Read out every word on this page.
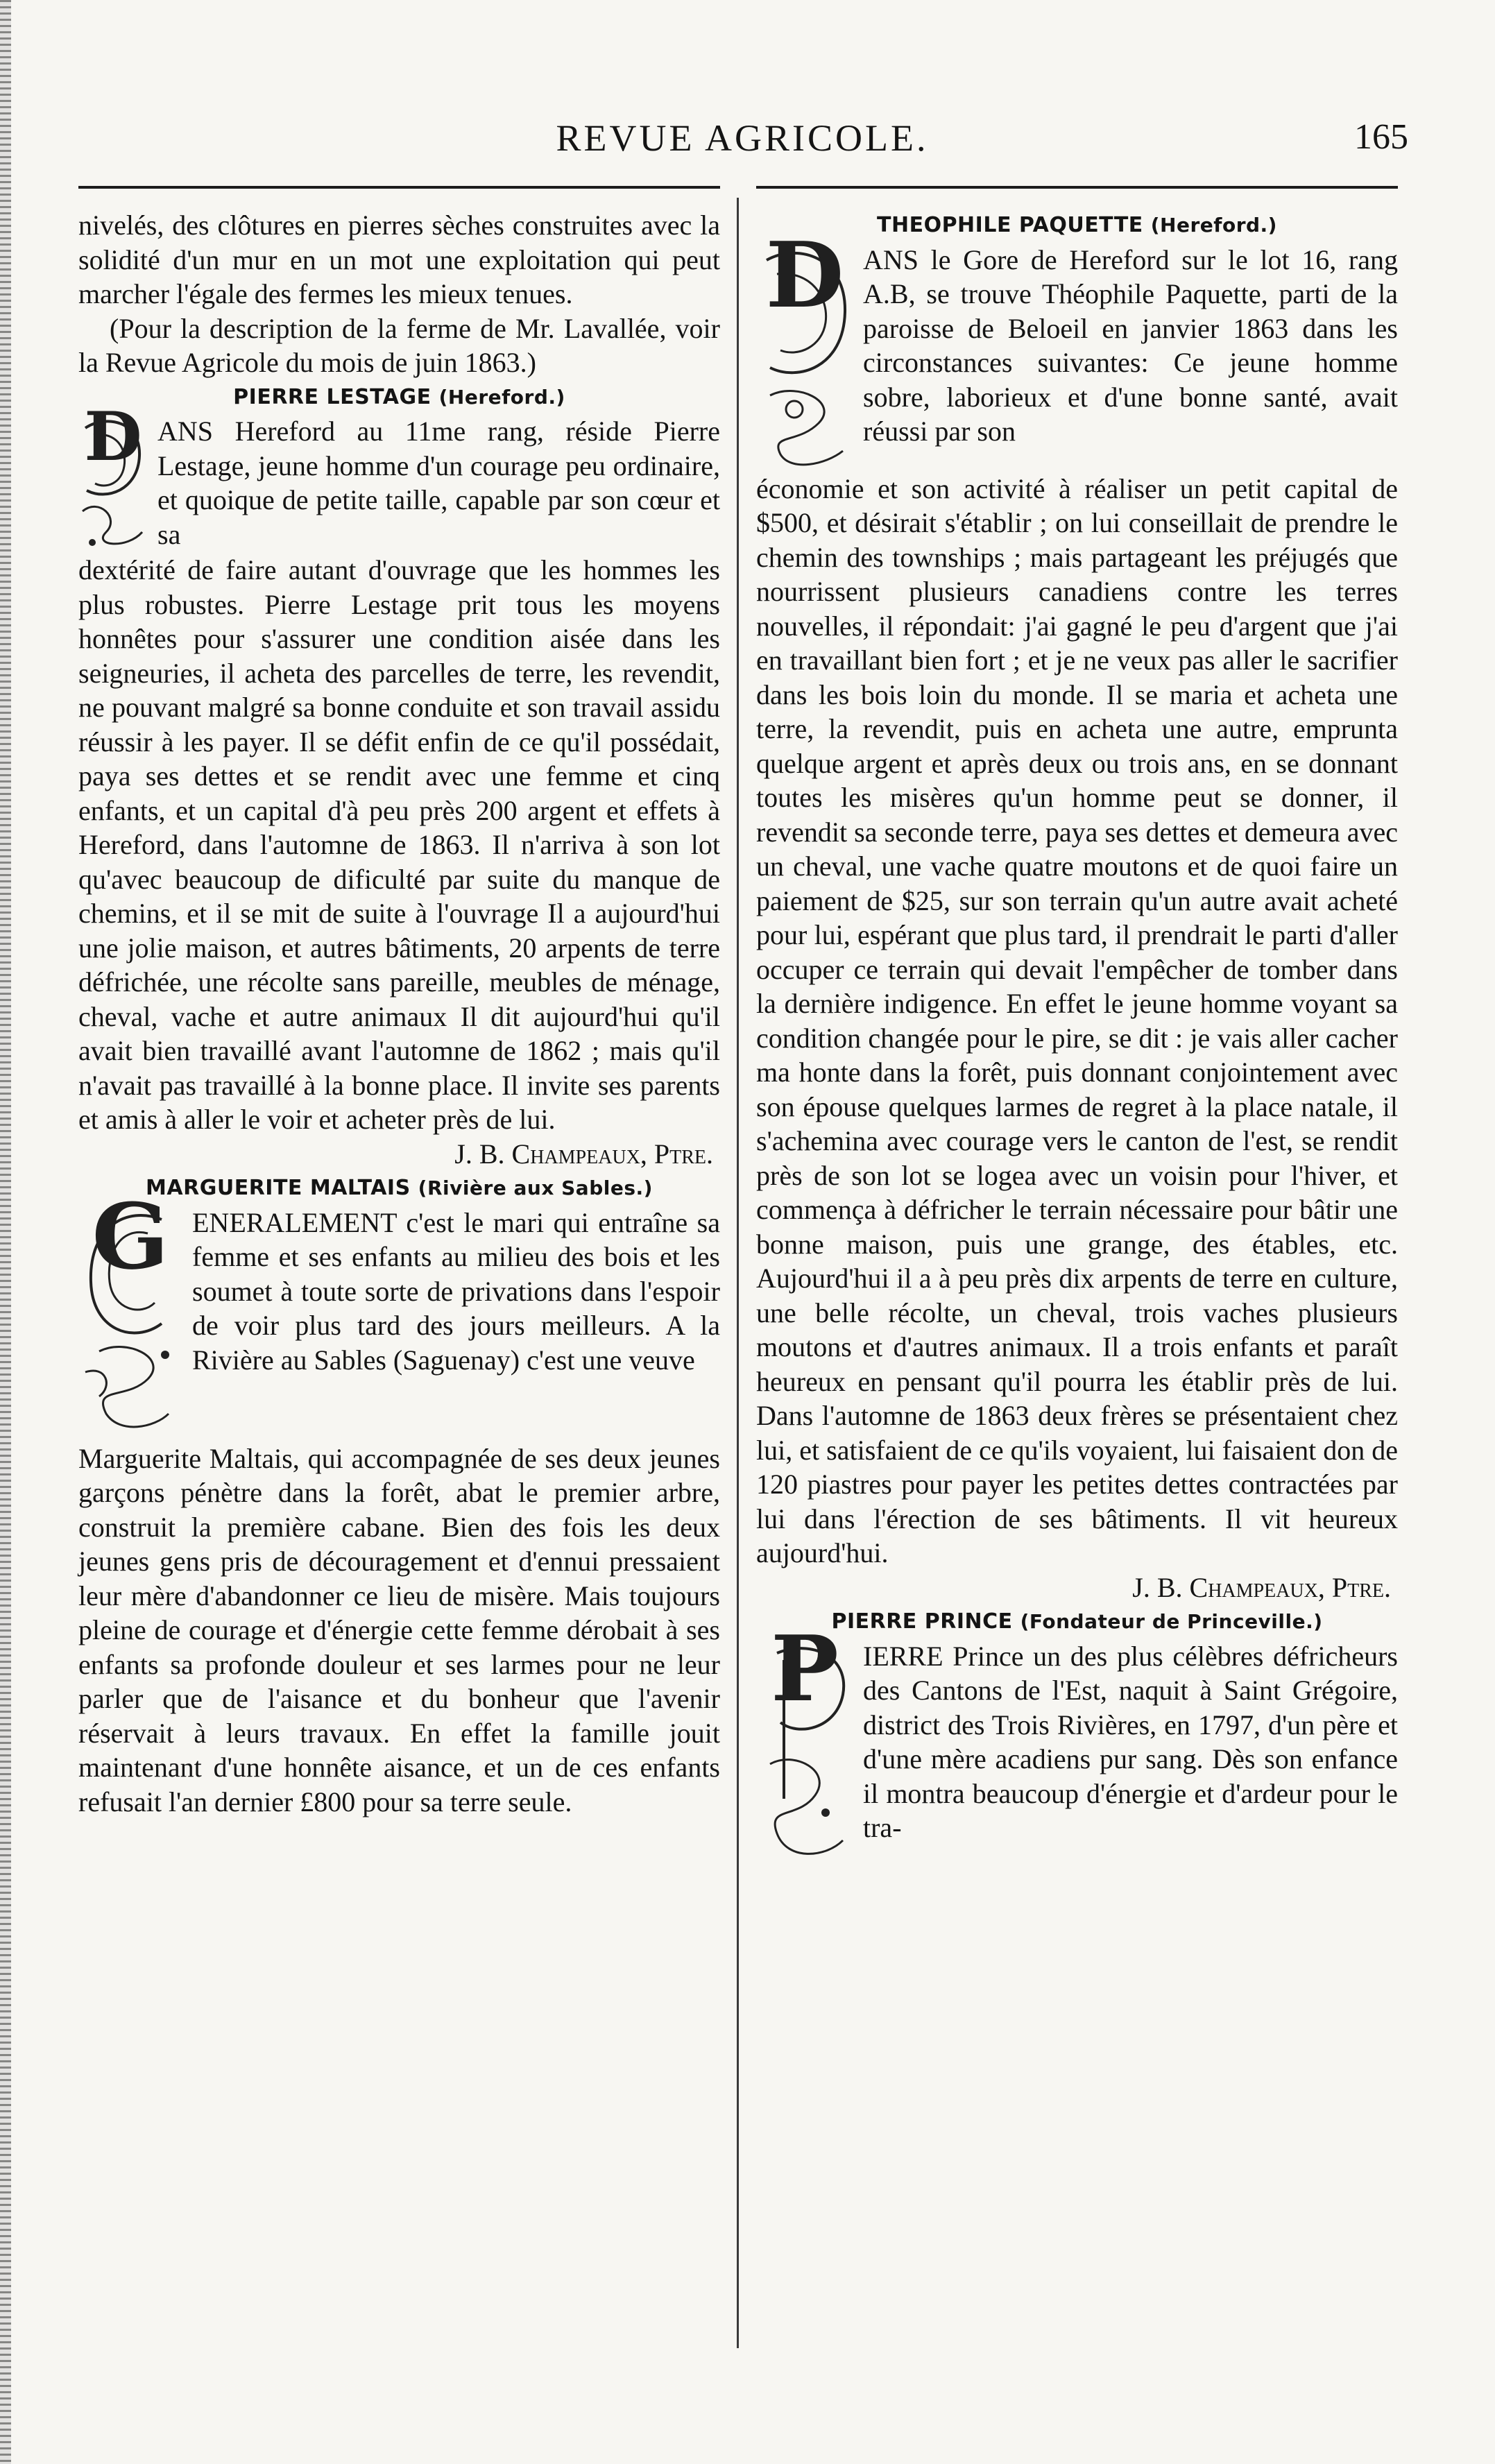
REVUE AGRICOLE.	165

nivelés, des clôtures en pierres sèches construites avec la solidité d'un mur en un mot une exploitation qui peut marcher l'égale des fermes les mieux tenues.

(Pour la description de la ferme de Mr. Lavallée, voir la Revue Agricole du mois de juin 1863.)

PIERRE LESTAGE (Hereford.)
D ANS Hereford au 11me rang, réside Pierre Lestage, jeune homme d'un courage peu ordinaire, et quoique de petite taille, capable par son cœur et sa

dextérité de faire autant d'ouvrage que les hommes les plus robustes. Pierre Lestage prit tous les moyens honnêtes pour s'assurer une condition aisée dans les seigneuries, il acheta des parcelles de terre, les revendit, ne pouvant malgré sa bonne conduite et son travail assidu réussir à les payer. Il se défit enfin de ce qu'il possédait, paya ses dettes et se rendit avec une femme et cinq enfants, et un capital d'à peu près 200 argent et effets à Hereford, dans l'automne de 1863. Il n'arriva à son lot qu'avec beaucoup de dificulté par suite du manque de chemins, et il se mit de suite à l'ouvrage Il a aujourd'hui une jolie maison, et autres bâtiments, 20 arpents de terre défrichée, une récolte sans pareille, meubles de ménage, cheval, vache et autre animaux Il dit aujourd'hui qu'il avait bien travaillé avant l'automne de 1862 ; mais qu'il n'avait pas travaillé à la bonne place. Il invite ses parents et amis à aller le voir et acheter près de lui.

J. B. Champeaux, Ptre.
MARGUERITE MALTAIS (Rivière aux Sables.)
G ENERALEMENT c'est le mari qui entraîne sa femme et ses enfants au milieu des bois et les soumet à toute sorte de privations dans l'espoir de voir plus tard des jours meilleurs. A la Rivière au Sables (Saguenay) c'est une veuve

Marguerite Maltais, qui accompagnée de ses deux jeunes garçons pénètre dans la forêt, abat le premier arbre, construit la première cabane. Bien des fois les deux jeunes gens pris de découragement et d'ennui pressaient leur mère d'abandonner ce lieu de misère. Mais toujours pleine de courage et d'énergie cette femme dérobait à ses enfants sa profonde douleur et ses larmes pour ne leur parler que de l'aisance et du bonheur que l'avenir réservait à leurs travaux. En effet la famille jouit maintenant d'une honnête aisance, et un de ces enfants refusait l'an dernier £800 pour sa terre seule.

THEOPHILE PAQUETTE (Hereford.)
D ANS le Gore de Hereford sur le lot 16, rang A.B, se trouve Théophile Paquette, parti de la paroisse de Beloeil en janvier 1863 dans les circonstances suivantes: Ce jeune homme sobre, laborieux et d'une bonne santé, avait réussi par son

économie et son activité à réaliser un petit capital de $500, et désirait s'établir ; on lui conseillait de prendre le chemin des townships ; mais partageant les préjugés que nourrissent plusieurs canadiens contre les terres nouvelles, il répondait: j'ai gagné le peu d'argent que j'ai en travaillant bien fort ; et je ne veux pas aller le sacrifier dans les bois loin du monde. Il se maria et acheta une terre, la revendit, puis en acheta une autre, emprunta quelque argent et après deux ou trois ans, en se donnant toutes les misères qu'un homme peut se donner, il revendit sa seconde terre, paya ses dettes et demeura avec un cheval, une vache quatre moutons et de quoi faire un paiement de $25, sur son terrain qu'un autre avait acheté pour lui, espérant que plus tard, il prendrait le parti d'aller occuper ce terrain qui devait l'empêcher de tomber dans la dernière indigence. En effet le jeune homme voyant sa condition changée pour le pire, se dit : je vais aller cacher ma honte dans la forêt, puis donnant conjointement avec son épouse quelques larmes de regret à la place natale, il s'achemina avec courage vers le canton de l'est, se rendit près de son lot se logea avec un voisin pour l'hiver, et commença à défricher le terrain nécessaire pour bâtir une bonne maison, puis une grange, des étables, etc. Aujourd'hui il a à peu près dix arpents de terre en culture, une belle récolte, un cheval, trois vaches plusieurs moutons et d'autres animaux. Il a trois enfants et paraît heureux en pensant qu'il pourra les établir près de lui. Dans l'automne de 1863 deux frères se présentaient chez lui, et satisfaient de ce qu'ils voyaient, lui faisaient don de 120 piastres pour payer les petites dettes contractées par lui dans l'érection de ses bâtiments. Il vit heureux aujourd'hui.

J. B. Champeaux, Ptre.
PIERRE PRINCE (Fondateur de Princeville.)
P IERRE Prince un des plus célèbres défricheurs des Cantons de l'Est, naquit à Saint Grégoire, district des Trois Rivières, en 1797, d'un père et d'une mère acadiens pur sang. Dès son enfance il montra beaucoup d'énergie et d'ardeur pour le tra-
